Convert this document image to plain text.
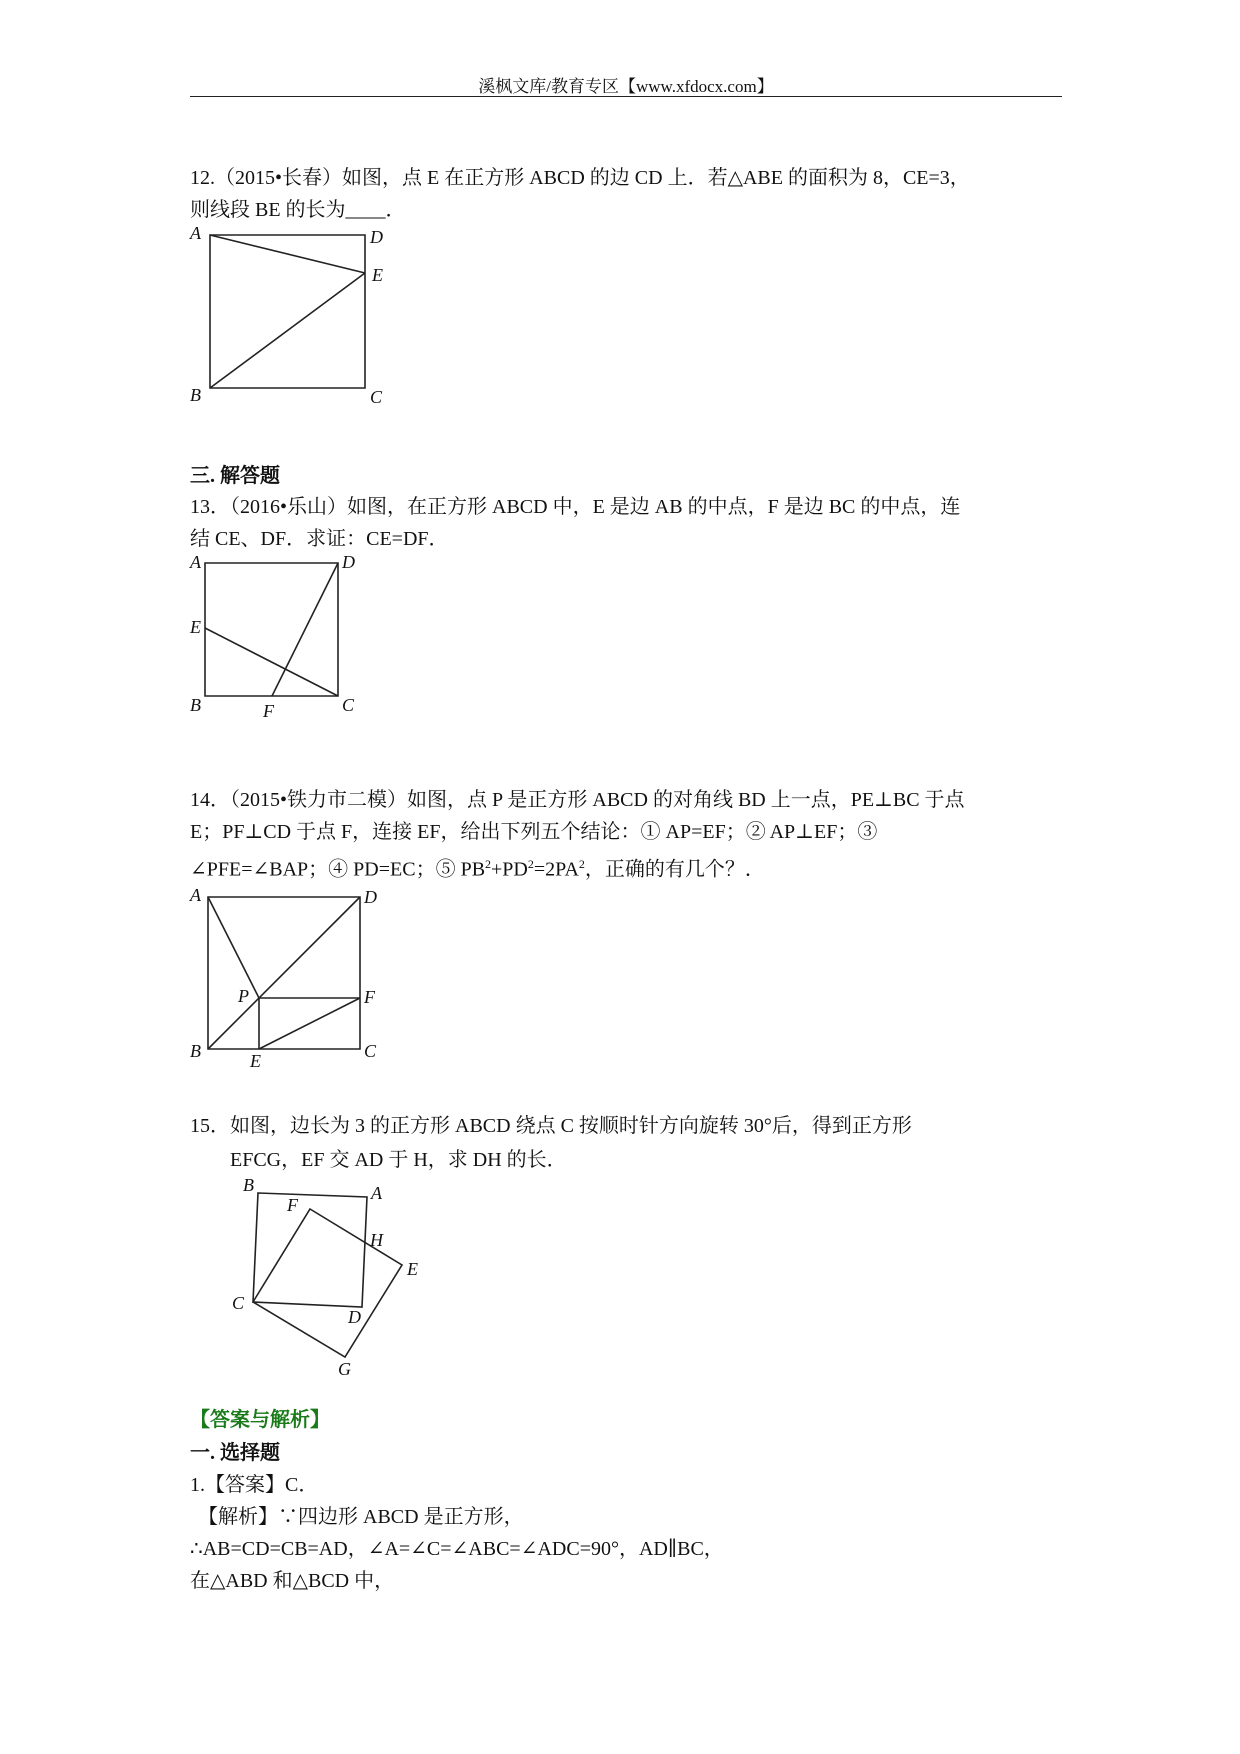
溪枫文库/教育专区【www.xfdocx.com】
12.（2015•长春）如图，点 E 在正方形 ABCD 的边 CD 上．若△ABE 的面积为 8，CE=3，
则线段 BE 的长为____．
A	D
E
B	C
三. 解答题
13．（2016•乐山）如图，在正方形 ABCD 中，E 是边 AB 的中点，F 是边 BC 的中点，连
结 CE、DF．求证：CE=DF．
A	D
E
B	F	C
14．（2015•铁力市二模）如图，点 P 是正方形 ABCD 的对角线 BD 上一点，PE⊥BC 于点
E；PF⊥CD 于点 F，连接 EF，给出下列五个结论：① AP=EF；② AP⊥EF；③
∠PFE=∠BAP；④ PD=EC；⑤ $PB^2+PD^2=2PA^2$，正确的有几个？．
A	D
P	F
B	E	C
15．如图，边长为 3 的正方形 ABCD 绕点 C 按顺时针方向旋转 30°后，得到正方形
EFCG，EF 交 AD 于 H，求 DH 的长．
B	A
F
H
E
C
D
G
【答案与解析】
一. 选择题
1.【答案】C．
【解析】∵四边形 ABCD 是正方形，
∴AB=CD=CB=AD，∠A=∠C=∠ABC=∠ADC=90°，AD∥BC，
在△ABD 和△BCD 中，
